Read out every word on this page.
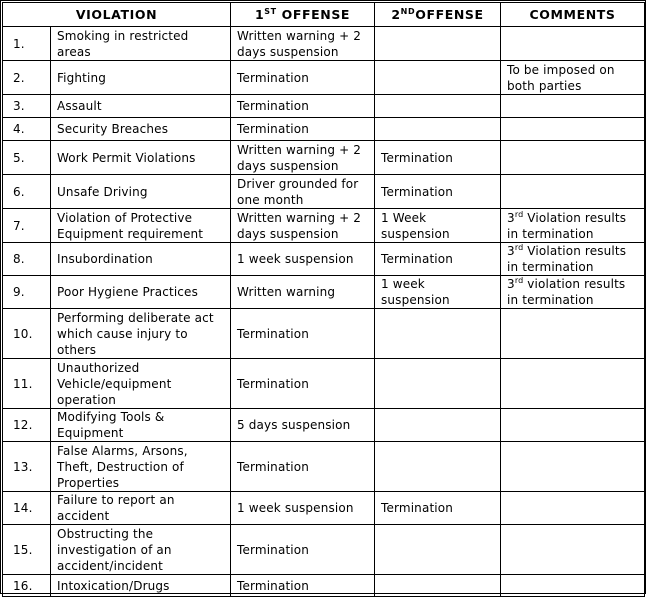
VIOLATION		1ST OFFENSE	2NDOFFENSE	COMMENTS
1.	Smoking in restricted areas	Written warning + 2 days suspension		
2.	Fighting	Termination		To be imposed on both parties
3.	Assault	Termination		
4.	Security Breaches	Termination		
5.	Work Permit Violations	Written warning + 2 days suspension	Termination	
6.	Unsafe Driving	Driver grounded for one month	Termination	
7.	Violation of Protective Equipment requirement	Written warning + 2 days suspension	1 Week suspension	3rd Violation results in termination
8.	Insubordination	1 week suspension	Termination	3rd Violation results in termination
9.	Poor Hygiene Practices	Written warning	1 week suspension	3rd violation results in termination
10.	Performing deliberate act which cause injury to others	Termination		
11.	Unauthorized Vehicle/equipment operation	Termination		
12.	Modifying Tools & Equipment	5 days suspension		
13.	False Alarms, Arsons, Theft, Destruction of Properties	Termination		
14.	Failure to report an accident	1 week suspension	Termination	
15.	Obstructing the investigation of an accident/incident	Termination		
16.	Intoxication/Drugs	Termination		
